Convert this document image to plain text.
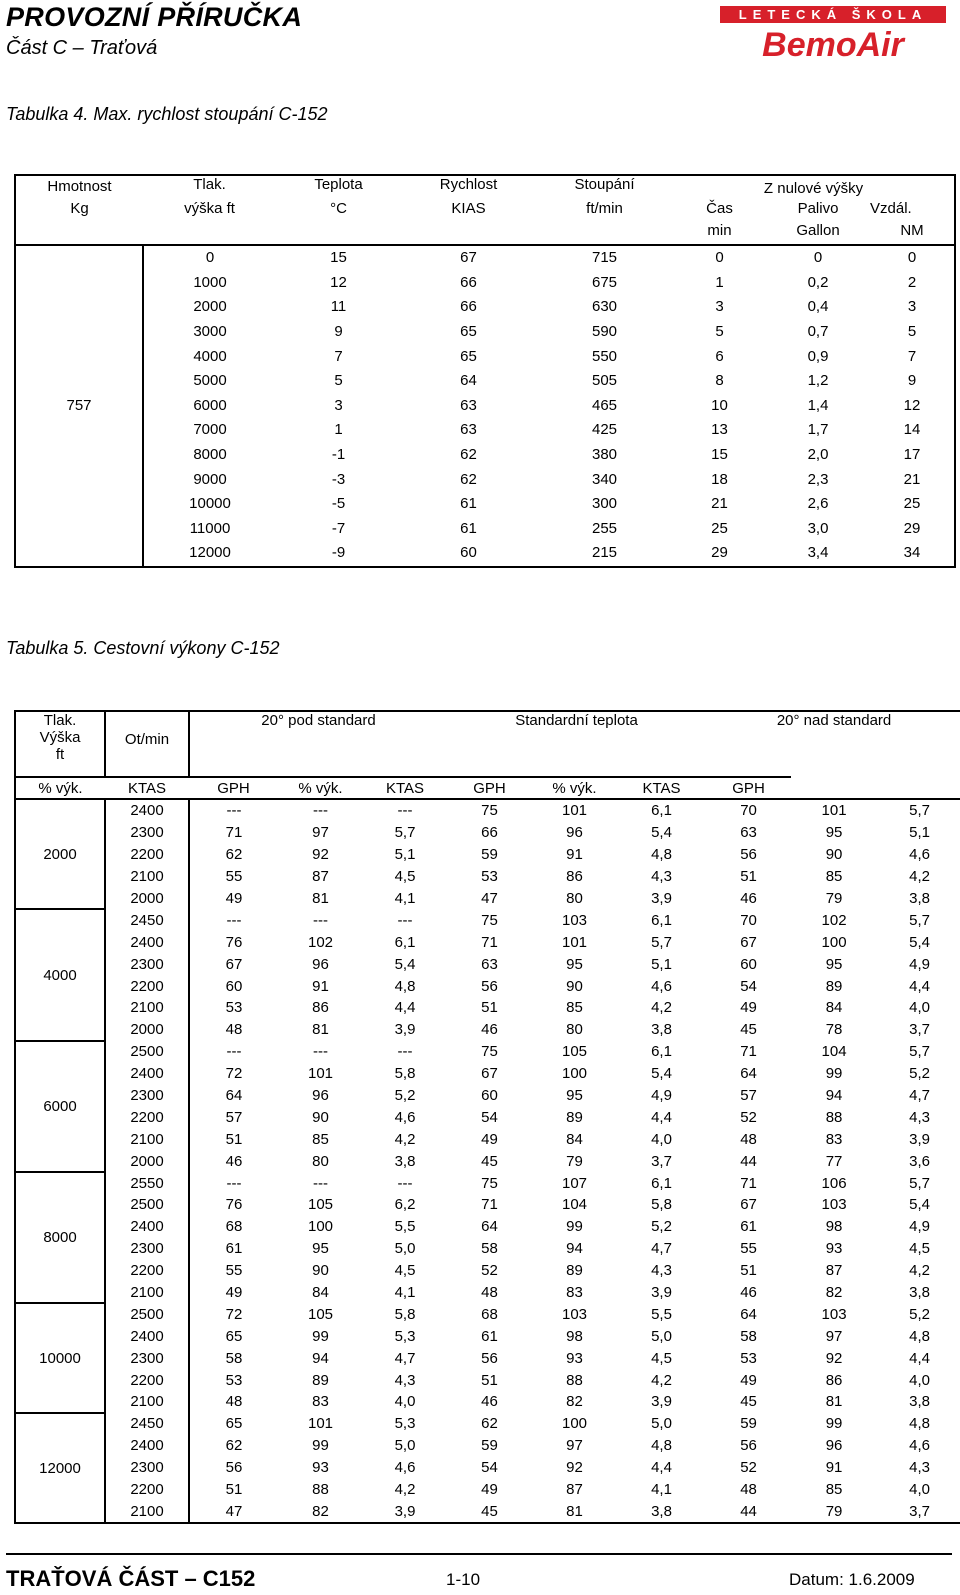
PROVOZNÍ PŘÍRUČKA
Část C – Traťová
LETECKÁ ŠKOLA
BemoAir
Tabulka 4. Max. rychlost stoupání C-152
Hmotnost	Tlak.	Teplota	Rychlost	Stoupání	Z nulové výšky		
Kg	výška ft	°C	KIAS	ft/min	Čas	Palivo	Vzdál.
					min	Gallon	NM
757	0	15	67	715	0	0	0
	1000	12	66	675	1	0,2	2
	2000	11	66	630	3	0,4	3
	3000	9	65	590	5	0,7	5
	4000	7	65	550	6	0,9	7
	5000	5	64	505	8	1,2	9
	6000	3	63	465	10	1,4	12
	7000	1	63	425	13	1,7	14
	8000	-1	62	380	15	2,0	17
	9000	-3	62	340	18	2,3	21
	10000	-5	61	300	21	2,6	25
	11000	-7	61	255	25	3,0	29
	12000	-9	60	215	29	3,4	34
Tabulka 5. Cestovní výkony C-152
Tlak.
Výška
ft	Ot/min	20° pod standard			Standardní teplota			20° nad standard		

% výk.	KTAS	GPH	% výk.	KTAS	GPH	% výk.	KTAS	GPH		
2000	2400	---	---	---	75	101	6,1	70	101	5,7
	2300	71	97	5,7	66	96	5,4	63	95	5,1
	2200	62	92	5,1	59	91	4,8	56	90	4,6
	2100	55	87	4,5	53	86	4,3	51	85	4,2
	2000	49	81	4,1	47	80	3,9	46	79	3,8
4000	2450	---	---	---	75	103	6,1	70	102	5,7
	2400	76	102	6,1	71	101	5,7	67	100	5,4
	2300	67	96	5,4	63	95	5,1	60	95	4,9
	2200	60	91	4,8	56	90	4,6	54	89	4,4
	2100	53	86	4,4	51	85	4,2	49	84	4,0
	2000	48	81	3,9	46	80	3,8	45	78	3,7
6000	2500	---	---	---	75	105	6,1	71	104	5,7
	2400	72	101	5,8	67	100	5,4	64	99	5,2
	2300	64	96	5,2	60	95	4,9	57	94	4,7
	2200	57	90	4,6	54	89	4,4	52	88	4,3
	2100	51	85	4,2	49	84	4,0	48	83	3,9
	2000	46	80	3,8	45	79	3,7	44	77	3,6
8000	2550	---	---	---	75	107	6,1	71	106	5,7
	2500	76	105	6,2	71	104	5,8	67	103	5,4
	2400	68	100	5,5	64	99	5,2	61	98	4,9
	2300	61	95	5,0	58	94	4,7	55	93	4,5
	2200	55	90	4,5	52	89	4,3	51	87	4,2
	2100	49	84	4,1	48	83	3,9	46	82	3,8
10000	2500	72	105	5,8	68	103	5,5	64	103	5,2
	2400	65	99	5,3	61	98	5,0	58	97	4,8
	2300	58	94	4,7	56	93	4,5	53	92	4,4
	2200	53	89	4,3	51	88	4,2	49	86	4,0
	2100	48	83	4,0	46	82	3,9	45	81	3,8
12000	2450	65	101	5,3	62	100	5,0	59	99	4,8
	2400	62	99	5,0	59	97	4,8	56	96	4,6
	2300	56	93	4,6	54	92	4,4	52	91	4,3
	2200	51	88	4,2	49	87	4,1	48	85	4,0
	2100	47	82	3,9	45	81	3,8	44	79	3,7
TRAŤOVÁ ČÁST – C152	1-10	Datum: 1.6.2009
